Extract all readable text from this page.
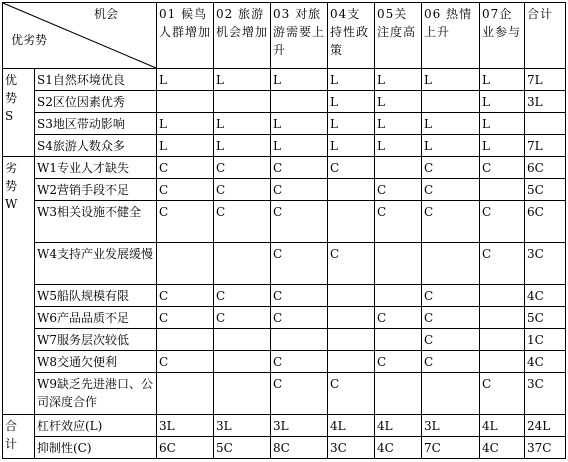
机会
优劣势		01 候鸟人群增加	02 旅游机会增加	03 对旅游需要上升	04支持性政策	05关注度高	06 热情上升	07企业参与	合计
优势S	S1自然环境优良	L	L	L	L	L	L	L	7L
	S2区位因素优秀				L	L		L	3L
	S3地区带动影响	L	L	L	L	L	L	L	
	S4旅游人数众多	L	L	L	L	L	L	L	7L
劣势W	W1专业人才缺失	C	C	C	C		C	C	6C
	W2营销手段不足	C	C	C		C	C		5C
	W3相关设施不健全	C	C	C		C	C	C	6C
	W4支持产业发展缓慢			C	C			C	3C
	W5船队规模有限	C	C	C			C		4C
	W6产品品质不足	C	C	C		C	C		5C
	W7服务层次较低						C		1C
	W8交通欠便利	C		C		C	C		4C
	W9缺乏先进港口、公司深度合作			C	C			C	3C
合计	杠杆效应(L)	3L	3L	3L	4L	4L	3L	4L	24L
	抑制性(C)	6C	5C	8C	3C	4C	7C	4C	37C
